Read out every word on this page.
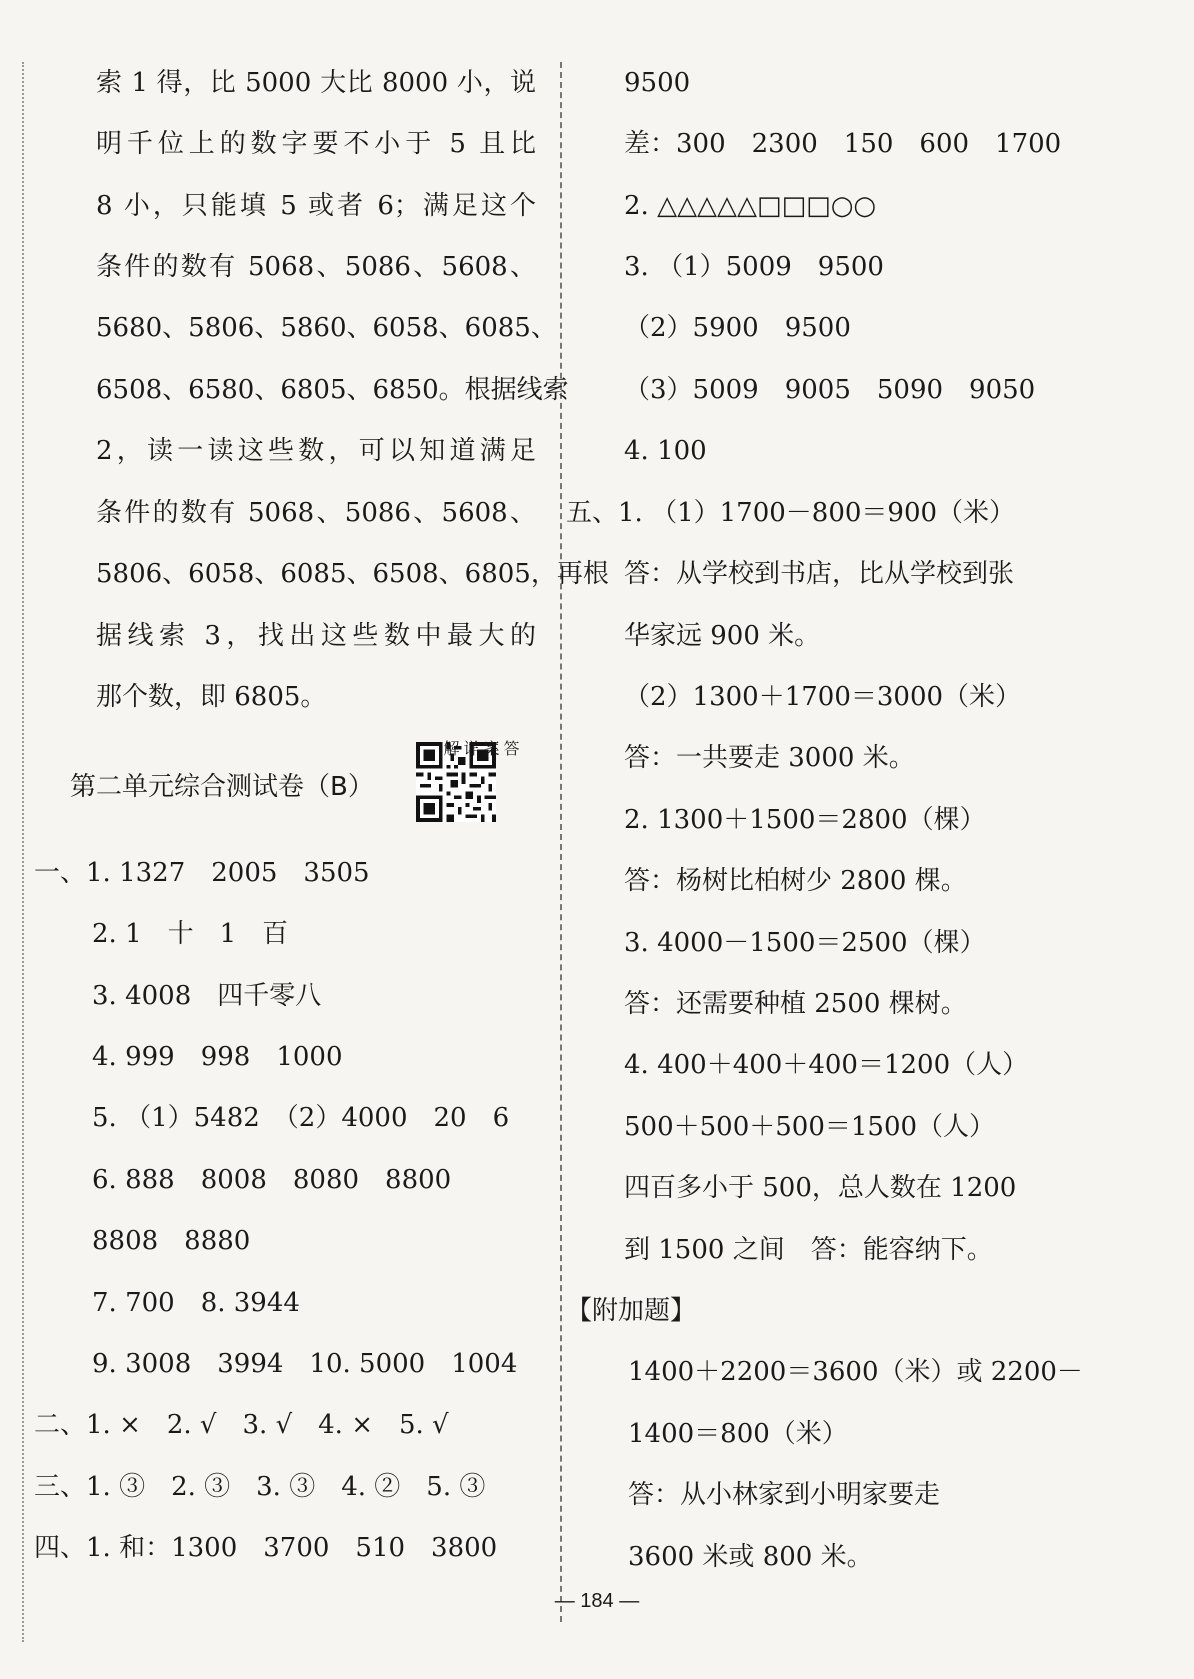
索 1 得，比 5000 大比 8000 小，说
明千位上的数字要不小于 5 且比
8 小，只能填 5 或者 6；满足这个
条件的数有 5068、5086、5608、
5680、5806、5860、6058、6085、
6508、6580、6805、6850。根据线索
2，读一读这些数，可以知道满足
条件的数有 5068、5086、5608、
5806、6058、6085、6508、6805，再根
据线索 3，找出这些数中最大的
那个数，即 6805。
第二单元综合测试卷（B）
答案详解
一、1. 1327　2005　3505
2. 1　十　1　百
3. 4008　四千零八
4. 999　998　1000
5. （1）5482　（2）4000　20　6
6. 888　8008　8080　8800
8808　8880
7. 700　8. 3944
9. 3008　3994　10. 5000　1004
二、1. ×　2. √　3. √　4. ×　5. √
三、1. ③　2. ③　3. ③　4. ②　5. ③
四、1. 和：1300　3700　510　3800
9500
差：300　2300　150　600　1700
2. △△△△△□□□○○
3. （1）5009　9500
（2）5900　9500
（3）5009　9005　5090　9050
4. 100
五、1. （1）1700－800＝900（米）
答：从学校到书店，比从学校到张
华家远 900 米。
（2）1300＋1700＝3000（米）
答：一共要走 3000 米。
2. 1300＋1500＝2800（棵）
答：杨树比柏树少 2800 棵。
3. 4000－1500＝2500（棵）
答：还需要种植 2500 棵树。
4. 400＋400＋400＝1200（人）
500＋500＋500＝1500（人）
四百多小于 500，总人数在 1200
到 1500 之间　答：能容纳下。
【附加题】
1400＋2200＝3600（米）或 2200－
1400＝800（米）
答：从小林家到小明家要走
3600 米或 800 米。
— 184 —
